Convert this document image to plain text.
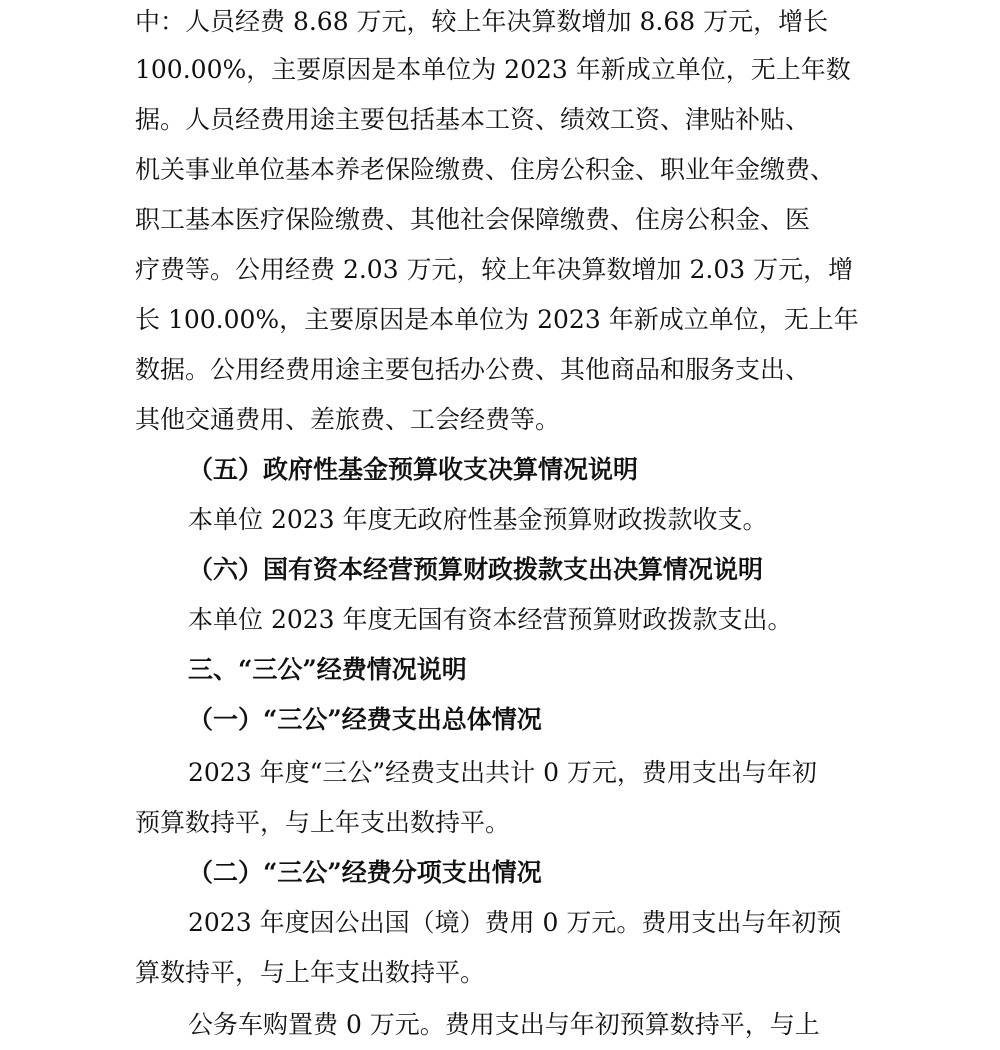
中：人员经费 8.68 万元，较上年决算数增加 8.68 万元，增长
100.00%，主要原因是本单位为 2023 年新成立单位，无上年数
据。人员经费用途主要包括基本工资、绩效工资、津贴补贴、
机关事业单位基本养老保险缴费、住房公积金、职业年金缴费、
职工基本医疗保险缴费、其他社会保障缴费、住房公积金、医
疗费等。公用经费 2.03 万元，较上年决算数增加 2.03 万元，增
长 100.00%，主要原因是本单位为 2023 年新成立单位，无上年
数据。公用经费用途主要包括办公费、其他商品和服务支出、
其他交通费用、差旅费、工会经费等。
（五）政府性基金预算收支决算情况说明
本单位 2023 年度无政府性基金预算财政拨款收支。
（六）国有资本经营预算财政拨款支出决算情况说明
本单位 2023 年度无国有资本经营预算财政拨款支出。
三、“三公”经费情况说明
（一）“三公”经费支出总体情况
2023 年度“三公”经费支出共计 0 万元，费用支出与年初
预算数持平，与上年支出数持平。
（二）“三公”经费分项支出情况
2023 年度因公出国（境）费用 0 万元。费用支出与年初预
算数持平，与上年支出数持平。
公务车购置费 0 万元。费用支出与年初预算数持平，与上
